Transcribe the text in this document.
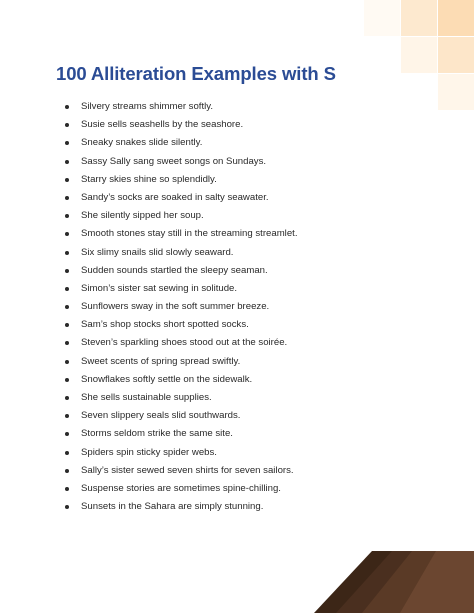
100 Alliteration Examples with S
Silvery streams shimmer softly.
Susie sells seashells by the seashore.
Sneaky snakes slide silently.
Sassy Sally sang sweet songs on Sundays.
Starry skies shine so splendidly.
Sandy’s socks are soaked in salty seawater.
She silently sipped her soup.
Smooth stones stay still in the streaming streamlet.
Six slimy snails slid slowly seaward.
Sudden sounds startled the sleepy seaman.
Simon’s sister sat sewing in solitude.
Sunflowers sway in the soft summer breeze.
Sam’s shop stocks short spotted socks.
Steven’s sparkling shoes stood out at the soirée.
Sweet scents of spring spread swiftly.
Snowflakes softly settle on the sidewalk.
She sells sustainable supplies.
Seven slippery seals slid southwards.
Storms seldom strike the same site.
Spiders spin sticky spider webs.
Sally’s sister sewed seven shirts for seven sailors.
Suspense stories are sometimes spine-chilling.
Sunsets in the Sahara are simply stunning.
